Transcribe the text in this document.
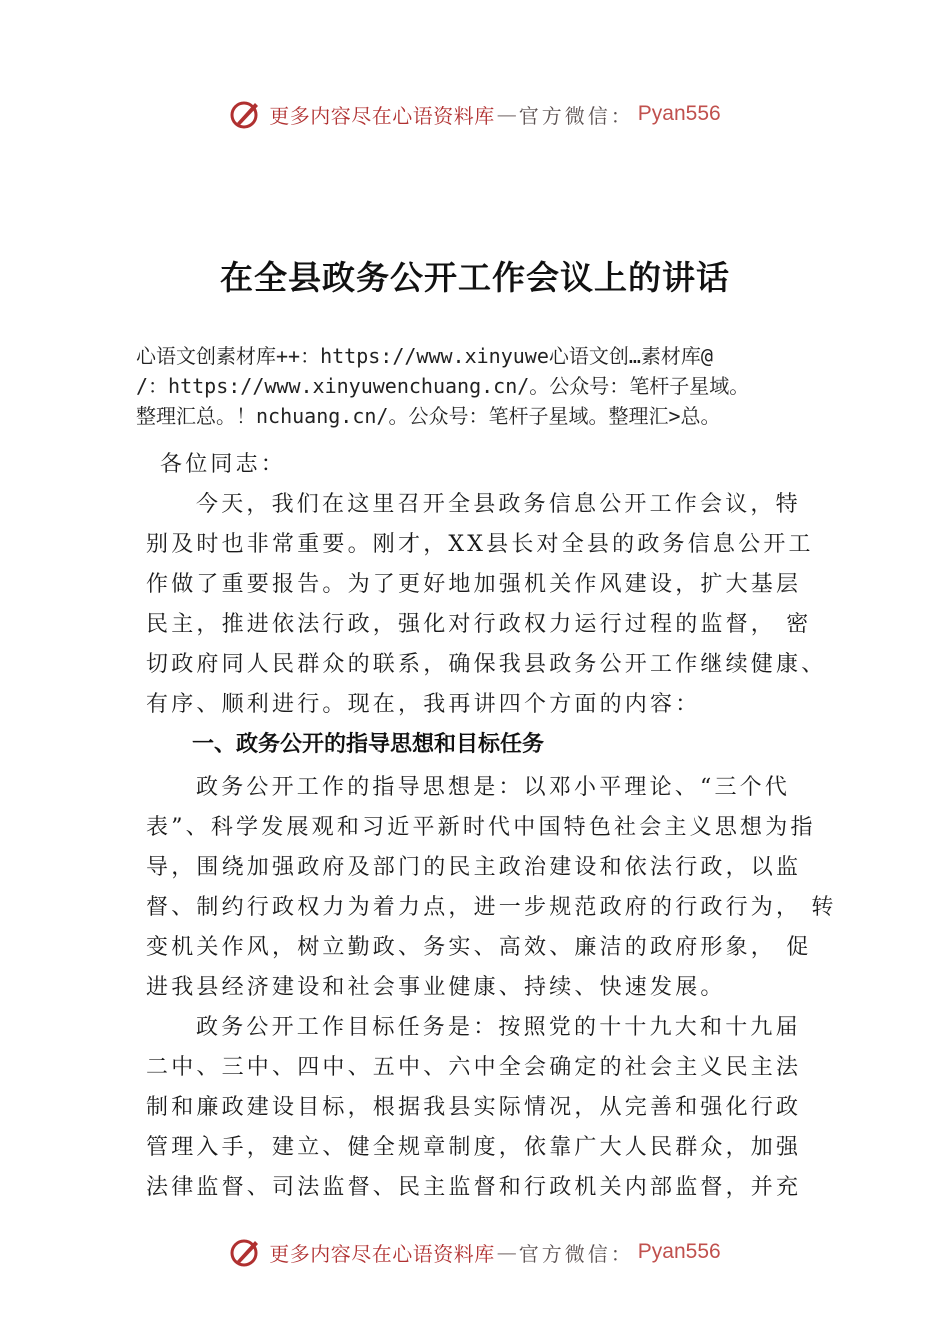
更多内容尽在心语资料库 — 官方微信： Pyan556
在全县政务公开工作会议上的讲话
心语文创素材库++：https://www.xinyuwe心语文创…素材库@
/：https://www.xinyuwenchuang.cn/。公众号：笔杆子星域。
整理汇总。！nchuang.cn/。公众号：笔杆子星域。整理汇>总。
各位同志：
今天，我们在这里召开全县政务信息公开工作会议，特
别及时也非常重要。刚才，XX县长对全县的政务信息公开工
作做了重要报告。为了更好地加强机关作风建设，扩大基层
民主，推进依法行政，强化对行政权力运行过程的监督， 密
切政府同人民群众的联系，确保我县政务公开工作继续健康、
有序、顺利进行。现在，我再讲四个方面的内容：
一、政务公开的指导思想和目标任务
政务公开工作的指导思想是：以邓小平理论、“三个代
表”、科学发展观和习近平新时代中国特色社会主义思想为指
导，围绕加强政府及部门的民主政治建设和依法行政，以监
督、制约行政权力为着力点，进一步规范政府的行政行为， 转
变机关作风，树立勤政、务实、高效、廉洁的政府形象， 促
进我县经济建设和社会事业健康、持续、快速发展。
政务公开工作目标任务是：按照党的十十九大和十九届
二中、三中、四中、五中、六中全会确定的社会主义民主法
制和廉政建设目标，根据我县实际情况，从完善和强化行政
管理入手，建立、健全规章制度，依靠广大人民群众，加强
法律监督、司法监督、民主监督和行政机关内部监督，并充
更多内容尽在心语资料库 — 官方微信： Pyan556
